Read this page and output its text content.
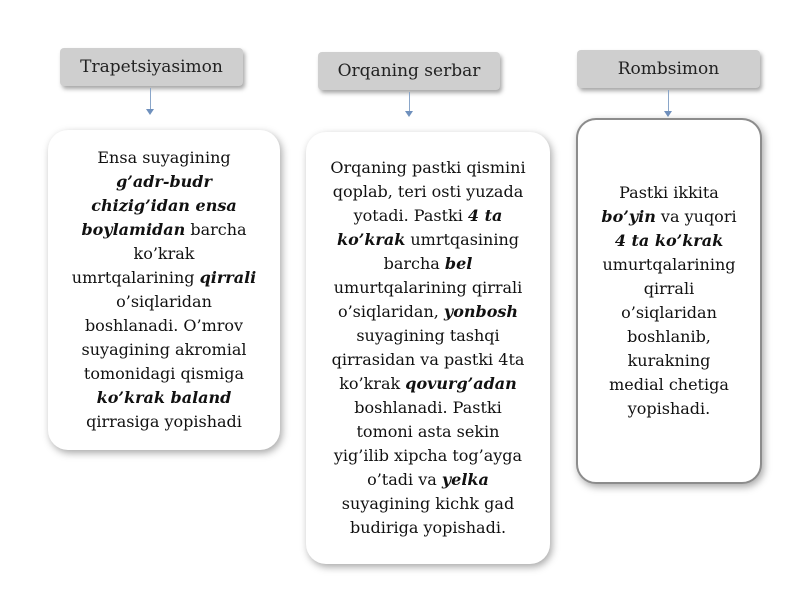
Trapetsiyasimon

Ensa suyagining
g’adr-budr
chizig’idan ensa
boylamidan barcha
ko’krak
umrtqalarining qirrali
o’siqlaridan
boshlanadi. O’mrov
suyagining akromial
tomonidagi qismiga
ko’krak baland
qirrasiga yopishadi

Orqaning serbar

Orqaning pastki qismini
qoplab, teri osti yuzada
yotadi. Pastki 4 ta
ko’krak umrtqasining
barcha bel
umurtqalarining qirrali
o’siqlaridan, yonbosh
suyagining tashqi
qirrasidan va pastki 4ta
ko’krak qovurg’adan
boshlanadi. Pastki
tomoni asta sekin
yig’ilib xipcha tog’ayga
o’tadi va yelka
suyagining kichk gad
budiriga yopishadi.

Rombsimon

Pastki ikkita
bo’yin va yuqori
4 ta ko’krak
umurtqalarining
qirrali
o’siqlaridan
boshlanib,
kurakning
medial chetiga
yopishadi.
